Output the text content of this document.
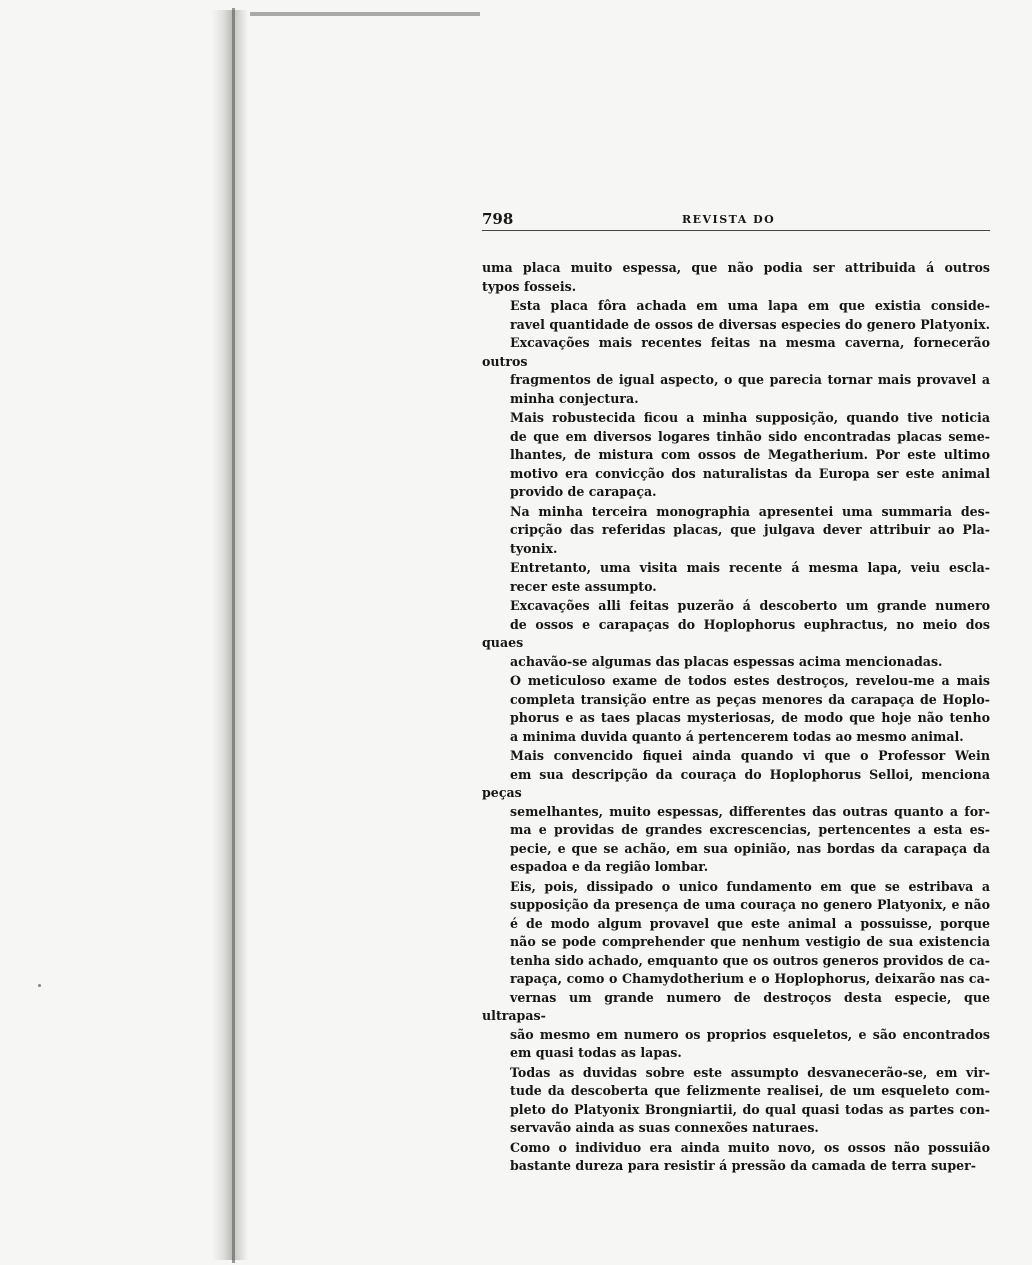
798	REVISTA DO
uma placa muito espessa, que não podia ser attribuida á outros
typos fosseis.
Esta placa fôra achada em uma lapa em que existia conside-
ravel quantidade de ossos de diversas especies do genero Platyonix.
Excavações mais recentes feitas na mesma caverna, fornecerão outros
fragmentos de igual aspecto, o que parecia tornar mais provavel a
minha conjectura.
Mais robustecida ficou a minha supposição, quando tive noticia
de que em diversos logares tinhão sido encontradas placas seme-
lhantes, de mistura com ossos de Megatherium. Por este ultimo
motivo era convicção dos naturalistas da Europa ser este animal
provido de carapaça.
Na minha terceira monographia apresentei uma summaria des-
cripção das referidas placas, que julgava dever attribuir ao Pla-
tyonix.
Entretanto, uma visita mais recente á mesma lapa, veiu escla-
recer este assumpto.
Excavações alli feitas puzerão á descoberto um grande numero
de ossos e carapaças do Hoplophorus euphractus, no meio dos quaes
achavão-se algumas das placas espessas acima mencionadas.
O meticuloso exame de todos estes destroços, revelou-me a mais
completa transição entre as peças menores da carapaça de Hoplo-
phorus e as taes placas mysteriosas, de modo que hoje não tenho
a minima duvida quanto á pertencerem todas ao mesmo animal.
Mais convencido fiquei ainda quando vi que o Professor Wein
em sua descripção da couraça do Hoplophorus Selloi, menciona peças
semelhantes, muito espessas, differentes das outras quanto a for-
ma e providas de grandes excrescencias, pertencentes a esta es-
pecie, e que se achão, em sua opinião, nas bordas da carapaça da
espadoa e da região lombar.
Eis, pois, dissipado o unico fundamento em que se estribava a
supposição da presença de uma couraça no genero Platyonix, e não
é de modo algum provavel que este animal a possuisse, porque
não se pode comprehender que nenhum vestigio de sua existencia
tenha sido achado, emquanto que os outros generos providos de ca-
rapaça, como o Chamydotherium e o Hoplophorus, deixarão nas ca-
vernas um grande numero de destroços desta especie, que ultrapas-
são mesmo em numero os proprios esqueletos, e são encontrados
em quasi todas as lapas.
Todas as duvidas sobre este assumpto desvanecerão-se, em vir-
tude da descoberta que felizmente realisei, de um esqueleto com-
pleto do Platyonix Brongniartii, do qual quasi todas as partes con-
servavão ainda as suas connexões naturaes.
Como o individuo era ainda muito novo, os ossos não possuião
bastante dureza para resistir á pressão da camada de terra super-
